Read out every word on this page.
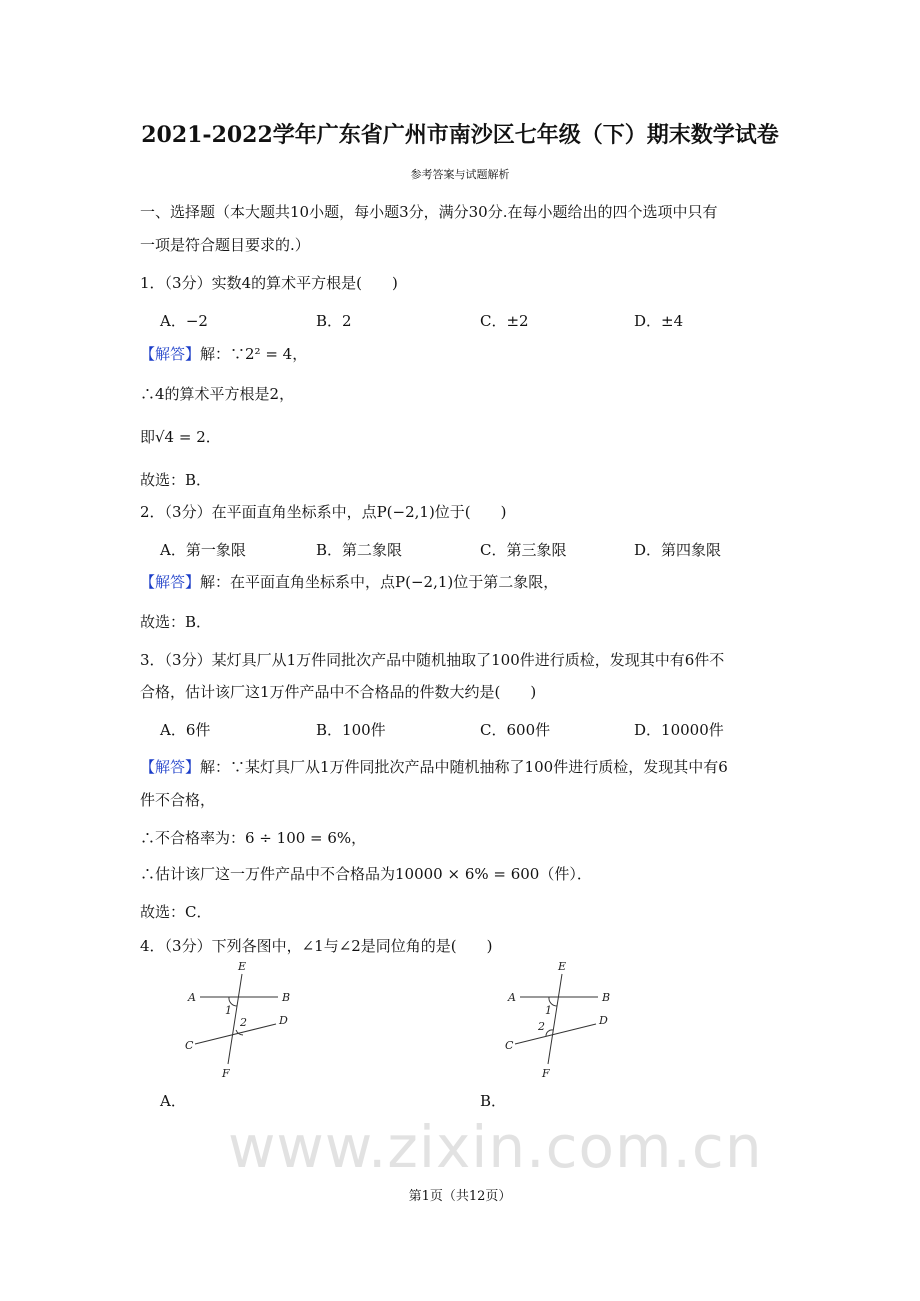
2021-2022学年广东省广州市南沙区七年级（下）期末数学试卷
参考答案与试题解析
一、选择题（本大题共10小题，每小题3分，满分30分.在每小题给出的四个选项中只有
一项是符合题目要求的.）
1．（3分）实数4的算术平方根是(　　)
A．−2	B．2	C．±2	D．±4
【解答】解：∵2² = 4，
∴4的算术平方根是2，
即√4 = 2．
故选：B．
2．（3分）在平面直角坐标系中，点P(−2,1)位于(　　)
A．第一象限	B．第二象限	C．第三象限	D．第四象限
【解答】解：在平面直角坐标系中，点P(−2,1)位于第二象限，
故选：B．
3．（3分）某灯具厂从1万件同批次产品中随机抽取了100件进行质检，发现其中有6件不
合格，估计该厂这1万件产品中不合格品的件数大约是(　　)
A．6件	B．100件	C．600件	D．10000件
【解答】解：∵某灯具厂从1万件同批次产品中随机抽称了100件进行质检，发现其中有6
件不合格，
∴不合格率为：6 ÷ 100 = 6%，
∴估计该厂这一万件产品中不合格品为10000 × 6% = 600（件）．
故选：C．
4．（3分）下列各图中，∠1与∠2是同位角的是(　　)
E
A	B
1
2	D
C
F
E
A	B
1
2	D
C
F
A．	B．
www.zixin.com.cn
第1页（共12页）
